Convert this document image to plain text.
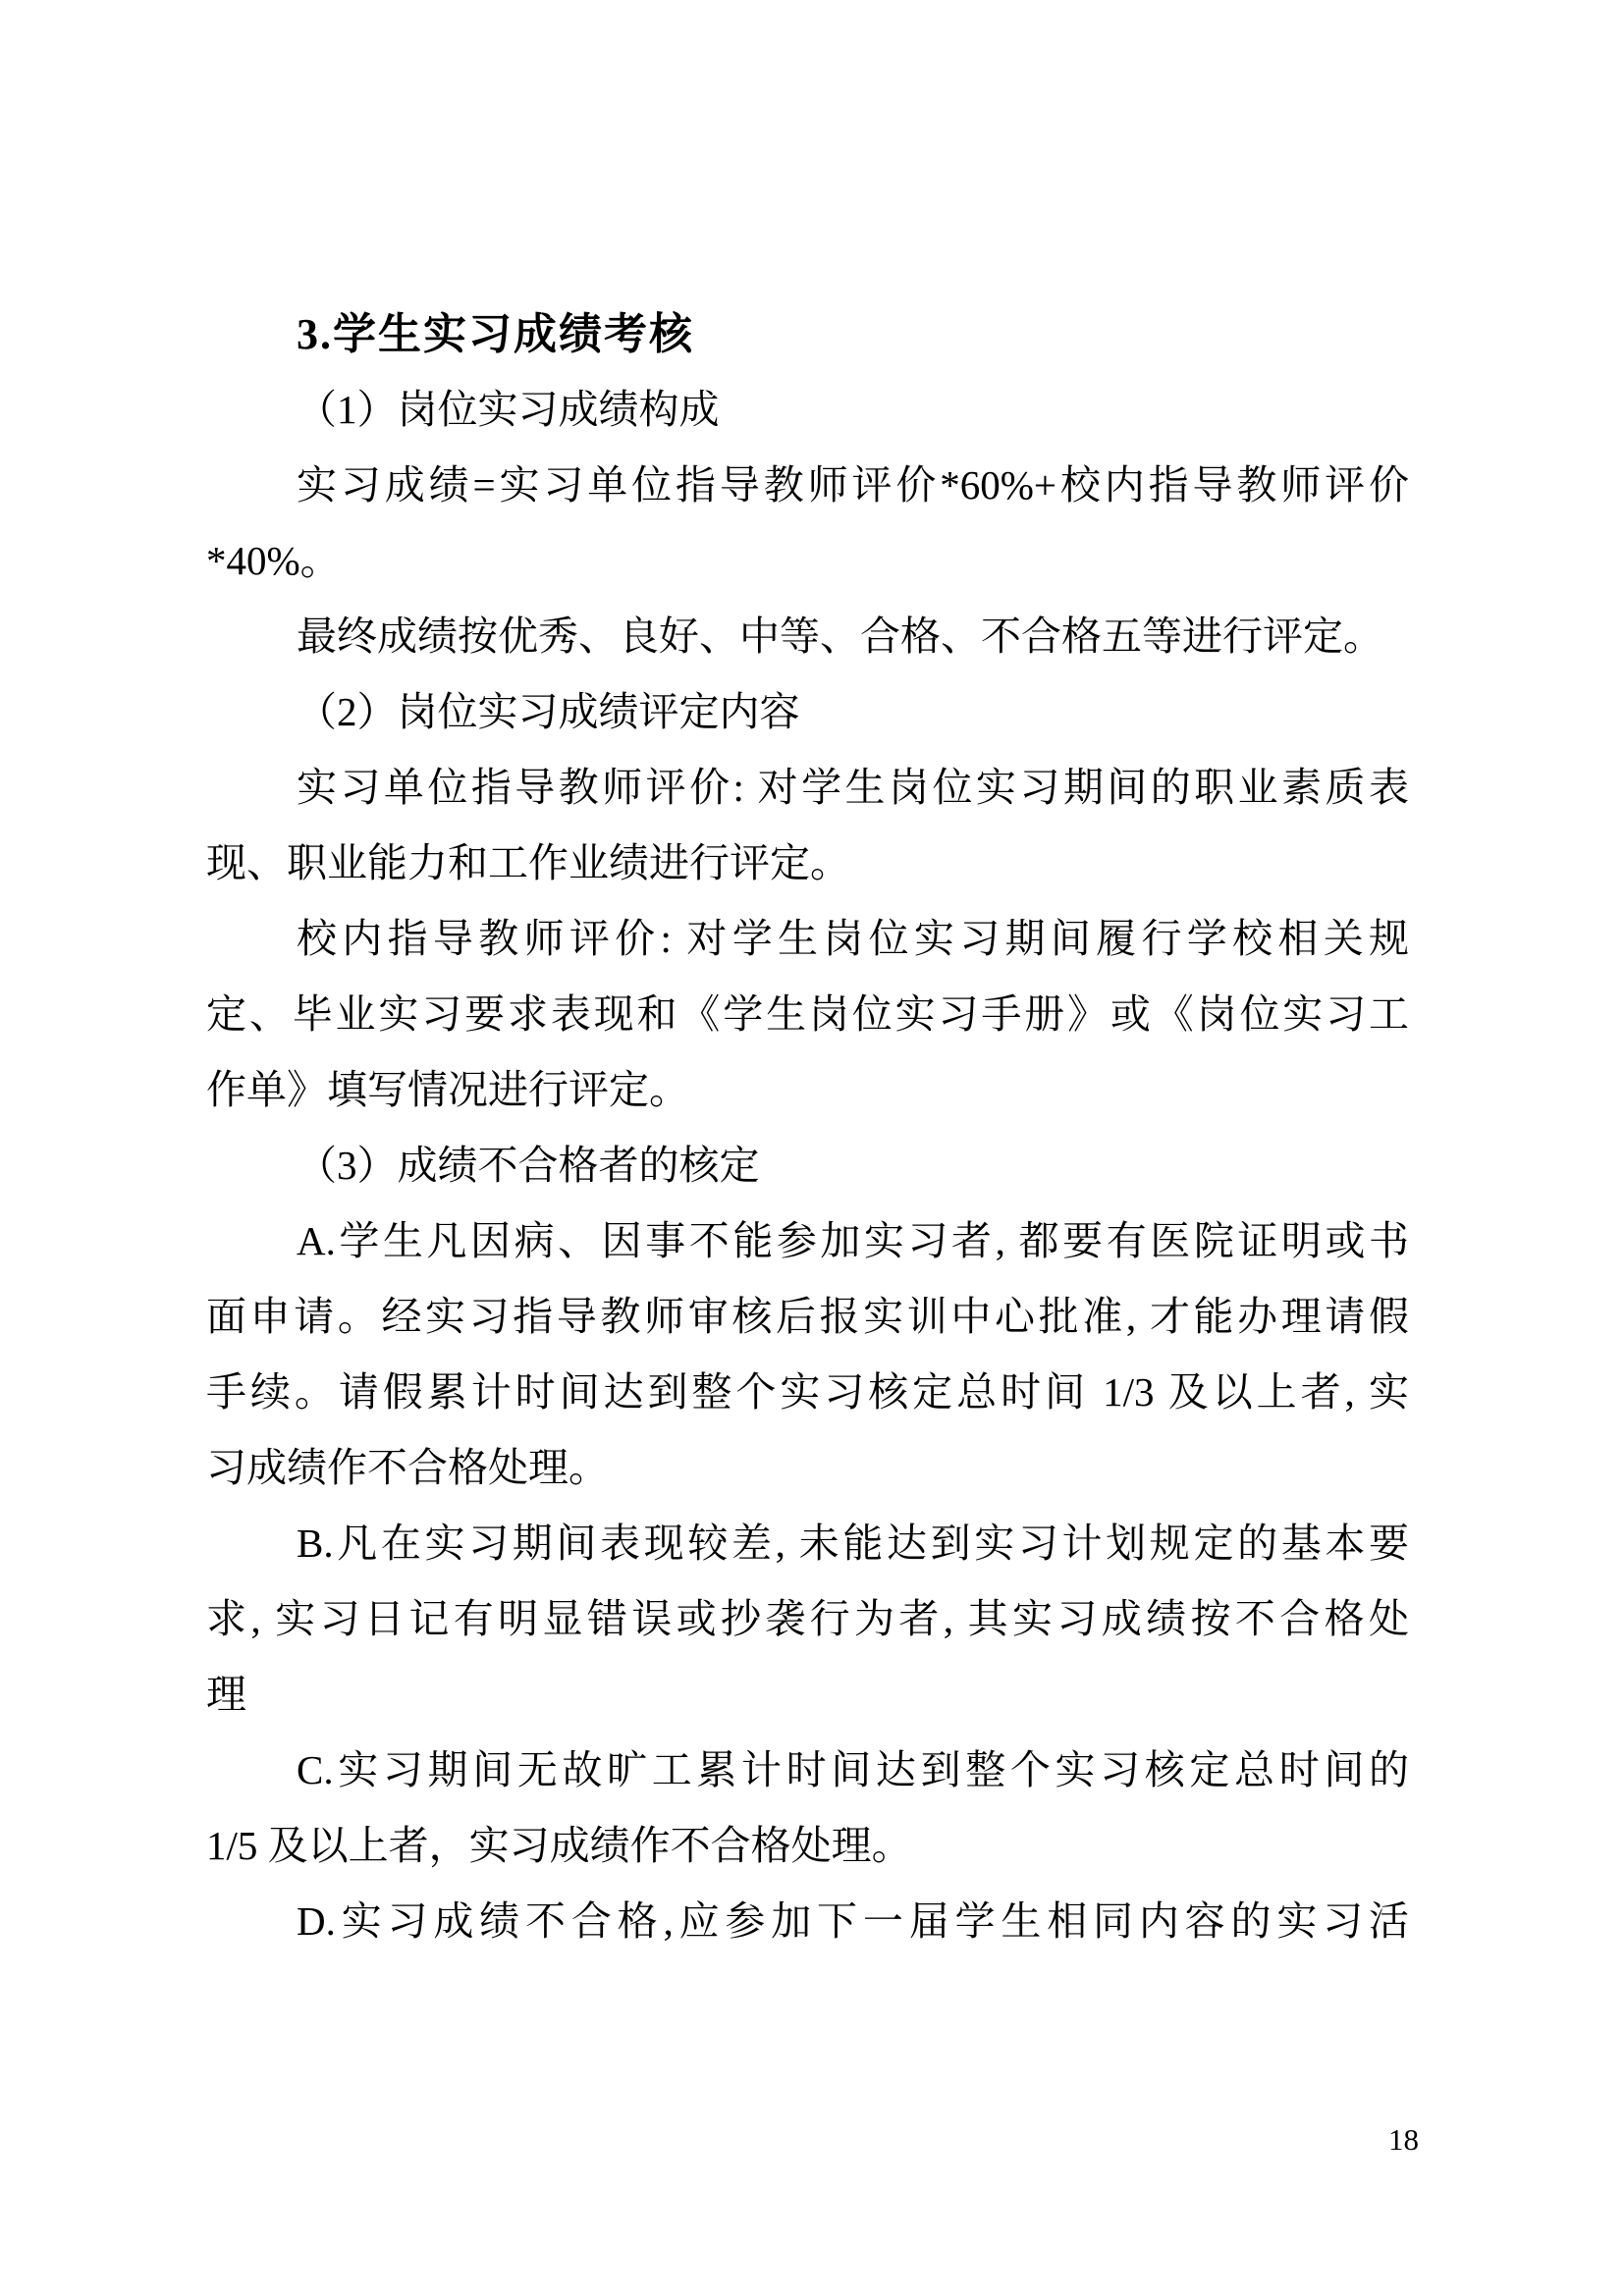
3.学生实习成绩考核
（1）岗位实习成绩构成
实习成绩=实习单位指导教师评价*60%+校内指导教师评价
*40%。
最终成绩按优秀、良好、中等、合格、不合格五等进行评定。
（2）岗位实习成绩评定内容
实习单位指导教师评价: 对学生岗位实习期间的职业素质表
现、职业能力和工作业绩进行评定。
校内指导教师评价: 对学生岗位实习期间履行学校相关规
定、毕业实习要求表现和《学生岗位实习手册》或《岗位实习工
作单》填写情况进行评定。
（3）成绩不合格者的核定
A.学生凡因病、因事不能参加实习者, 都要有医院证明或书
面申请。经实习指导教师审核后报实训中心批准, 才能办理请假
手续。请假累计时间达到整个实习核定总时间 1/3 及以上者, 实
习成绩作不合格处理。
B.凡在实习期间表现较差, 未能达到实习计划规定的基本要
求, 实习日记有明显错误或抄袭行为者, 其实习成绩按不合格处
理
C.实习期间无故旷工累计时间达到整个实习核定总时间的
1/5 及以上者，实习成绩作不合格处理。
D.实习成绩不合格,应参加下一届学生相同内容的实习活
18
